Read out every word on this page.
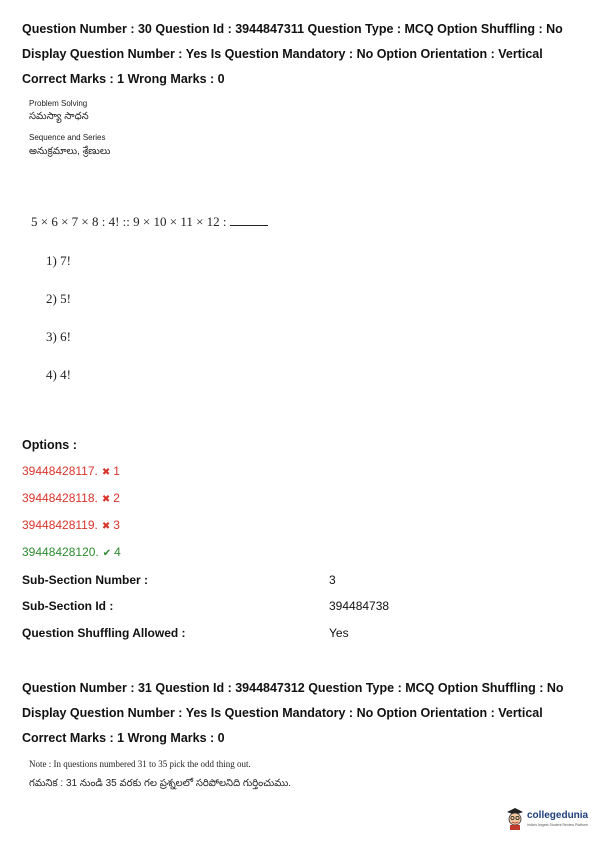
Question Number : 30 Question Id : 3944847311 Question Type : MCQ Option Shuffling : No
Display Question Number : Yes Is Question Mandatory : No Option Orientation : Vertical
Correct Marks : 1 Wrong Marks : 0
Problem Solving
సమస్యా సాధన
Sequence and Series
అనుక్రమాలు, శ్రేణులు
5 × 6 × 7 × 8 : 4! :: 9 × 10 × 11 × 12 :
1) 7!
2) 5!
3) 6!
4) 4!
Options :
39448428117. ✖ 1
39448428118. ✖ 2
39448428119. ✖ 3
39448428120. ✔ 4
Sub-Section Number :	3
Sub-Section Id :	394484738
Question Shuffling Allowed :	Yes
Question Number : 31 Question Id : 3944847312 Question Type : MCQ Option Shuffling : No
Display Question Number : Yes Is Question Mandatory : No Option Orientation : Vertical
Correct Marks : 1 Wrong Marks : 0
Note : In questions numbered 31 to 35 pick the odd thing out.
గమనిక : 31 నుండి 35 వరకు గల ప్రశ్నలలో సరిపోలనిది గుర్తించుము.
collegedunia
India's largest Student Review Platform
